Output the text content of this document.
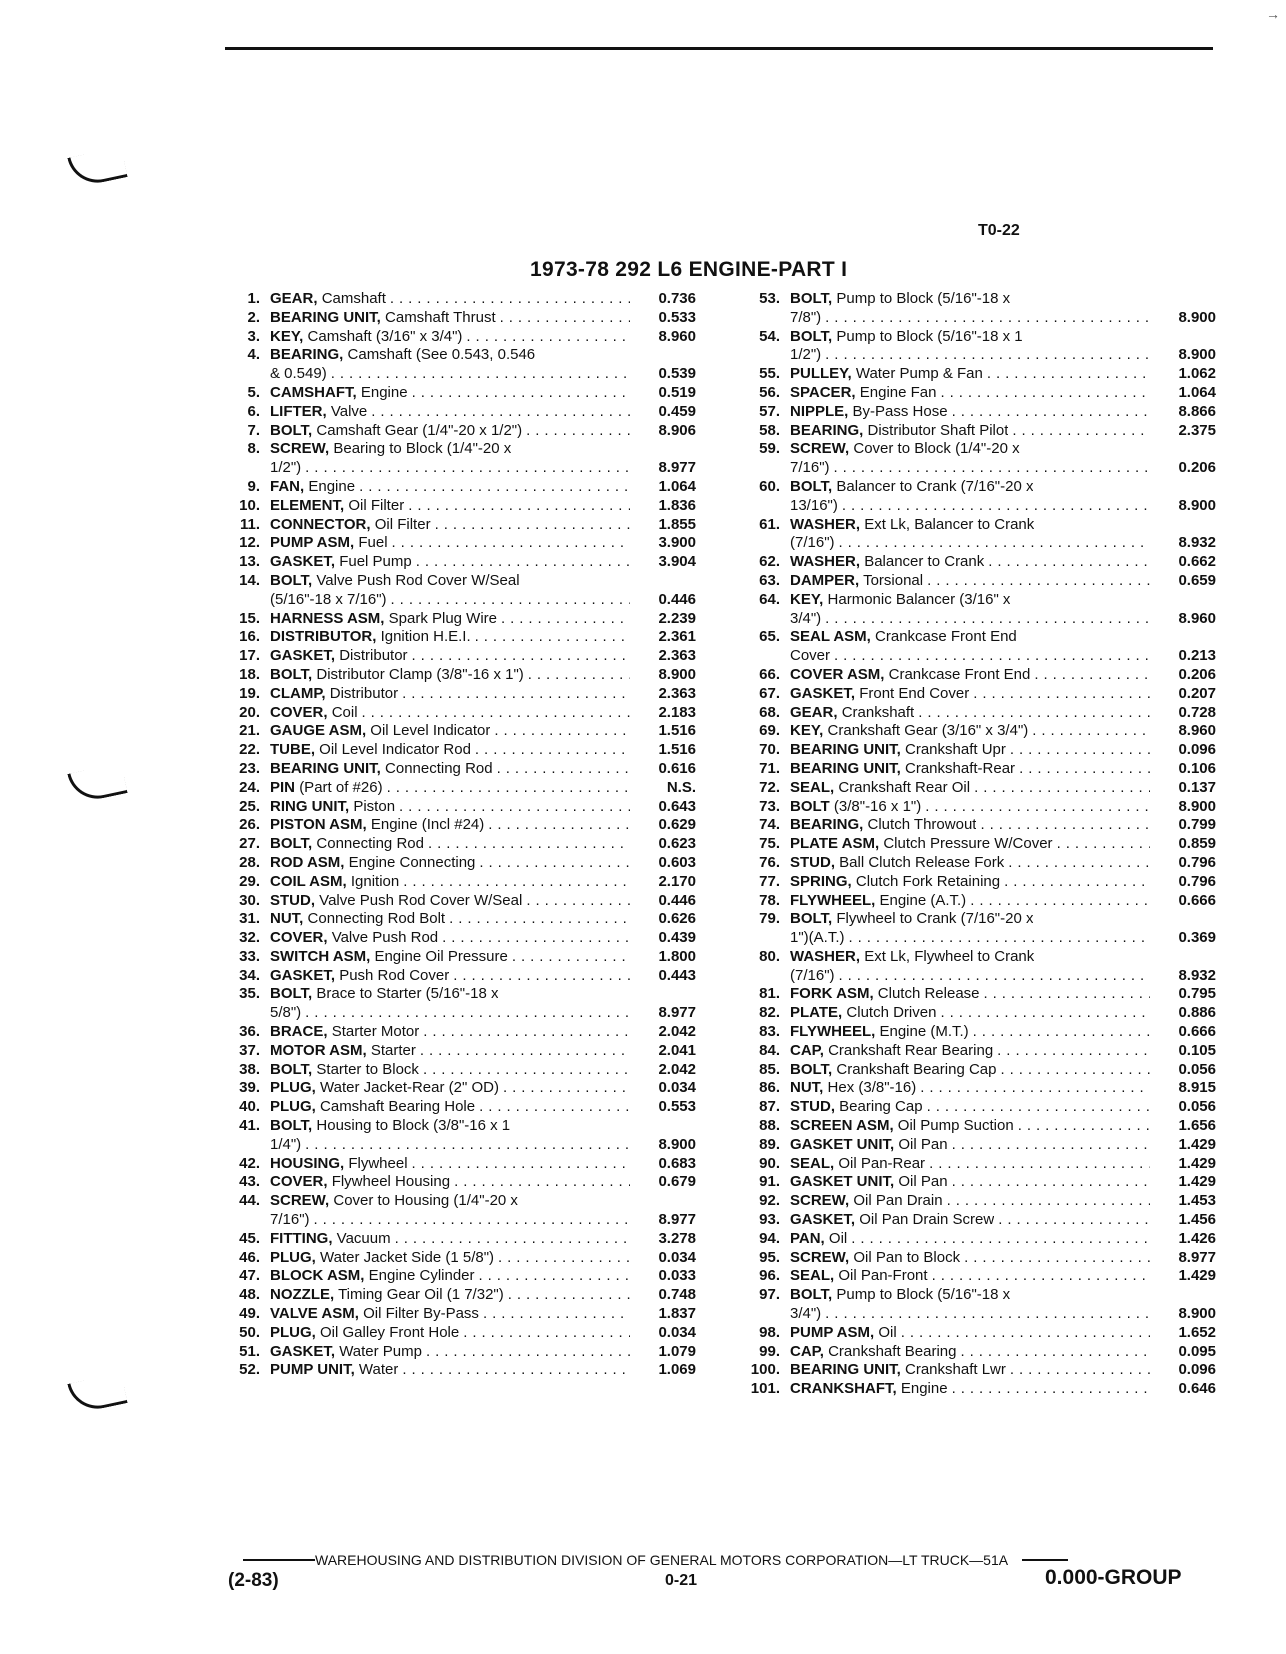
→
T0-22
1973-78 292 L6 ENGINE-PART I
1. GEAR, Camshaft . . .	0.736
2. BEARING UNIT, Camshaft Thrust . . .	0.533
3. KEY, Camshaft (3/16" x 3/4") . . .	8.960
4. BEARING, Camshaft (See 0.543, 0.546
& 0.549) . . .	0.539
5. CAMSHAFT, Engine . . .	0.519
6. LIFTER, Valve . . .	0.459
7. BOLT, Camshaft Gear (1/4"-20 x 1/2") . . .	8.906
8. SCREW, Bearing to Block (1/4"-20 x
1/2") . . .	8.977
9. FAN, Engine . . .	1.064
10. ELEMENT, Oil Filter . . .	1.836
11. CONNECTOR, Oil Filter . . .	1.855
12. PUMP ASM, Fuel . . .	3.900
13. GASKET, Fuel Pump . . .	3.904
14. BOLT, Valve Push Rod Cover W/Seal
(5/16"-18 x 7/16") . . .	0.446
15. HARNESS ASM, Spark Plug Wire . . .	2.239
16. DISTRIBUTOR, Ignition H.E.I. . . .	2.361
17. GASKET, Distributor . . .	2.363
18. BOLT, Distributor Clamp (3/8"-16 x 1") . . .	8.900
19. CLAMP, Distributor . . .	2.363
20. COVER, Coil . . .	2.183
21. GAUGE ASM, Oil Level Indicator . . .	1.516
22. TUBE, Oil Level Indicator Rod . . .	1.516
23. BEARING UNIT, Connecting Rod . . .	0.616
24. PIN (Part of #26) . . .	N.S.
25. RING UNIT, Piston . . .	0.643
26. PISTON ASM, Engine (Incl #24) . . .	0.629
27. BOLT, Connecting Rod . . .	0.623
28. ROD ASM, Engine Connecting . . .	0.603
29. COIL ASM, Ignition . . .	2.170
30. STUD, Valve Push Rod Cover W/Seal . . .	0.446
31. NUT, Connecting Rod Bolt . . .	0.626
32. COVER, Valve Push Rod . . .	0.439
33. SWITCH ASM, Engine Oil Pressure . . .	1.800
34. GASKET, Push Rod Cover . . .	0.443
35. BOLT, Brace to Starter (5/16"-18 x
5/8") . . .	8.977
36. BRACE, Starter Motor . . .	2.042
37. MOTOR ASM, Starter . . .	2.041
38. BOLT, Starter to Block . . .	2.042
39. PLUG, Water Jacket-Rear (2" OD) . . .	0.034
40. PLUG, Camshaft Bearing Hole . . .	0.553
41. BOLT, Housing to Block (3/8"-16 x 1
1/4") . . .	8.900
42. HOUSING, Flywheel . . .	0.683
43. COVER, Flywheel Housing . . .	0.679
44. SCREW, Cover to Housing (1/4"-20 x
7/16") . . .	8.977
45. FITTING, Vacuum . . .	3.278
46. PLUG, Water Jacket Side (1 5/8") . . .	0.034
47. BLOCK ASM, Engine Cylinder . . .	0.033
48. NOZZLE, Timing Gear Oil (1 7/32") . . .	0.748
49. VALVE ASM, Oil Filter By-Pass . . .	1.837
50. PLUG, Oil Galley Front Hole . . .	0.034
51. GASKET, Water Pump . . .	1.079
52. PUMP UNIT, Water . . .	1.069
53. BOLT, Pump to Block (5/16"-18 x
7/8") . . .	8.900
54. BOLT, Pump to Block (5/16"-18 x 1
1/2") . . .	8.900
55. PULLEY, Water Pump & Fan . . .	1.062
56. SPACER, Engine Fan . . .	1.064
57. NIPPLE, By-Pass Hose . . .	8.866
58. BEARING, Distributor Shaft Pilot . . .	2.375
59. SCREW, Cover to Block (1/4"-20 x
7/16") . . .	0.206
60. BOLT, Balancer to Crank (7/16"-20 x
13/16") . . .	8.900
61. WASHER, Ext Lk, Balancer to Crank
(7/16") . . .	8.932
62. WASHER, Balancer to Crank . . .	0.662
63. DAMPER, Torsional . . .	0.659
64. KEY, Harmonic Balancer (3/16" x
3/4") . . .	8.960
65. SEAL ASM, Crankcase Front End
Cover . . .	0.213
66. COVER ASM, Crankcase Front End . . .	0.206
67. GASKET, Front End Cover . . .	0.207
68. GEAR, Crankshaft . . .	0.728
69. KEY, Crankshaft Gear (3/16" x 3/4") . . .	8.960
70. BEARING UNIT, Crankshaft Upr . . .	0.096
71. BEARING UNIT, Crankshaft-Rear . . .	0.106
72. SEAL, Crankshaft Rear Oil . . .	0.137
73. BOLT (3/8"-16 x 1") . . .	8.900
74. BEARING, Clutch Throwout . . .	0.799
75. PLATE ASM, Clutch Pressure W/Cover . . .	0.859
76. STUD, Ball Clutch Release Fork . . .	0.796
77. SPRING, Clutch Fork Retaining . . .	0.796
78. FLYWHEEL, Engine (A.T.) . . .	0.666
79. BOLT, Flywheel to Crank (7/16"-20 x
1")(A.T.) . . .	0.369
80. WASHER, Ext Lk, Flywheel to Crank
(7/16") . . .	8.932
81. FORK ASM, Clutch Release . . .	0.795
82. PLATE, Clutch Driven . . .	0.886
83. FLYWHEEL, Engine (M.T.) . . .	0.666
84. CAP, Crankshaft Rear Bearing . . .	0.105
85. BOLT, Crankshaft Bearing Cap . . .	0.056
86. NUT, Hex (3/8"-16) . . .	8.915
87. STUD, Bearing Cap . . .	0.056
88. SCREEN ASM, Oil Pump Suction . . .	1.656
89. GASKET UNIT, Oil Pan . . .	1.429
90. SEAL, Oil Pan-Rear . . .	1.429
91. GASKET UNIT, Oil Pan . . .	1.429
92. SCREW, Oil Pan Drain . . .	1.453
93. GASKET, Oil Pan Drain Screw . . .	1.456
94. PAN, Oil . . .	1.426
95. SCREW, Oil Pan to Block . . .	8.977
96. SEAL, Oil Pan-Front . . .	1.429
97. BOLT, Pump to Block (5/16"-18 x
3/4") . . .	8.900
98. PUMP ASM, Oil . . .	1.652
99. CAP, Crankshaft Bearing . . .	0.095
100. BEARING UNIT, Crankshaft Lwr . . .	0.096
101. CRANKSHAFT, Engine . . .	0.646
WAREHOUSING AND DISTRIBUTION DIVISION OF GENERAL MOTORS CORPORATION—LT TRUCK—51A
(2-83)	0-21	0.000-GROUP
